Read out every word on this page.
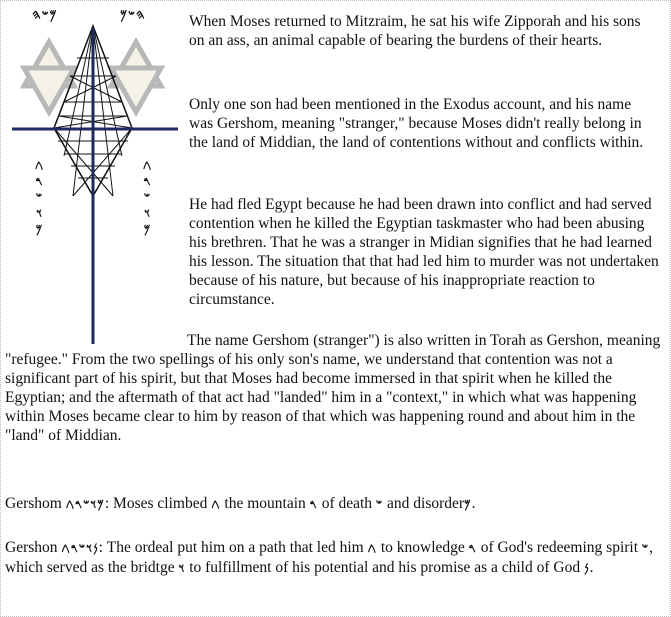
𐤌𐤔𐤄	𐤄𐤔𐤌
𐤂
𐤓
𐤔
𐤅
𐤌
𐤂
𐤓
𐤔
𐤅
𐤌

When Moses returned to Mitzraim, he sat his wife Zipporah and his sons on an ass, an animal capable of bearing the burdens of their hearts.

Only one son had been mentioned in the Exodus account, and his name was Gershom, meaning "stranger," because Moses didn't really belong in the land of Middian, the land of contentions without and conflicts within.

He had fled Egypt because he had been drawn into conflict and had served contention when he killed the Egyptian taskmaster who had been abusing his brethren. That he was a stranger in Midian signifies that he had learned his lesson. The situation that that had led him to murder was not undertaken because of his nature, but because of his inappropriate reaction to circumstance.

The name Gershom (stranger") is also written in Torah as Gershon, meaning "refugee." From the two spellings of his only son's name, we understand that contention was not a significant part of his spirit, but that Moses had become immersed in that spirit when he killed the Egyptian; and the aftermath of that act had "landed" him in a "context," in which what was happening within Moses became clear to him by reason of that which was happening round and about him in the "land" of Middian.

Gershom 𐤌𐤅𐤔𐤓𐤂: Moses climbed 𐤂 the mountain 𐤓 of death 𐤔 and disorder𐤌.

Gershon 𐤍𐤅𐤔𐤓𐤂: The ordeal put him on a path that led him 𐤂 to knowledge 𐤓 of God's redeeming spirit 𐤔, which served as the bridtge 𐤅 to fulfillment of his potential and his promise as a child of God 𐤍.
